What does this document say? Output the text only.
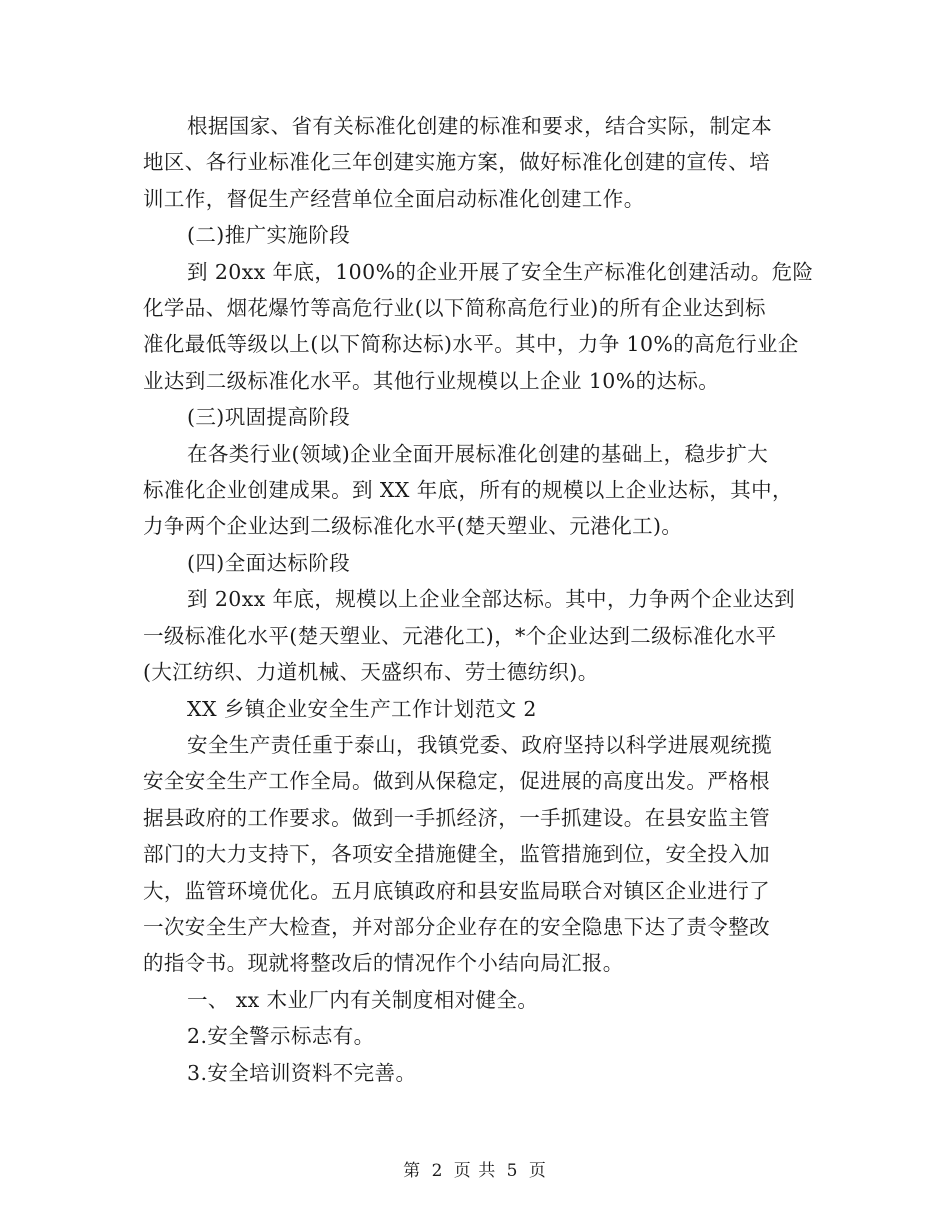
根据国家、省有关标准化创建的标准和要求，结合实际，制定本
地区、各行业标准化三年创建实施方案，做好标准化创建的宣传、培
训工作，督促生产经营单位全面启动标准化创建工作。
(二)推广实施阶段
到 20xx 年底，100%的企业开展了安全生产标准化创建活动。危险
化学品、烟花爆竹等高危行业(以下简称高危行业)的所有企业达到标
准化最低等级以上(以下简称达标)水平。其中，力争 10%的高危行业企
业达到二级标准化水平。其他行业规模以上企业 10%的达标。
(三)巩固提高阶段
在各类行业(领域)企业全面开展标准化创建的基础上，稳步扩大
标准化企业创建成果。到 XX 年底，所有的规模以上企业达标，其中，
力争两个企业达到二级标准化水平(楚天塑业、元港化工)。
(四)全面达标阶段
到 20xx 年底，规模以上企业全部达标。其中，力争两个企业达到
一级标准化水平(楚天塑业、元港化工)，*个企业达到二级标准化水平
(大江纺织、力道机械、天盛织布、劳士德纺织)。
XX 乡镇企业安全生产工作计划范文 2
安全生产责任重于泰山，我镇党委、政府坚持以科学进展观统揽
安全安全生产工作全局。做到从保稳定，促进展的高度出发。严格根
据县政府的工作要求。做到一手抓经济，一手抓建设。在县安监主管
部门的大力支持下，各项安全措施健全，监管措施到位，安全投入加
大，监管环境优化。五月底镇政府和县安监局联合对镇区企业进行了
一次安全生产大检查，并对部分企业存在的安全隐患下达了责令整改
的指令书。现就将整改后的情况作个小结向局汇报。
一、 xx 木业厂内有关制度相对健全。
2.安全警示标志有。
3.安全培训资料不完善。
第 2 页 共 5 页
